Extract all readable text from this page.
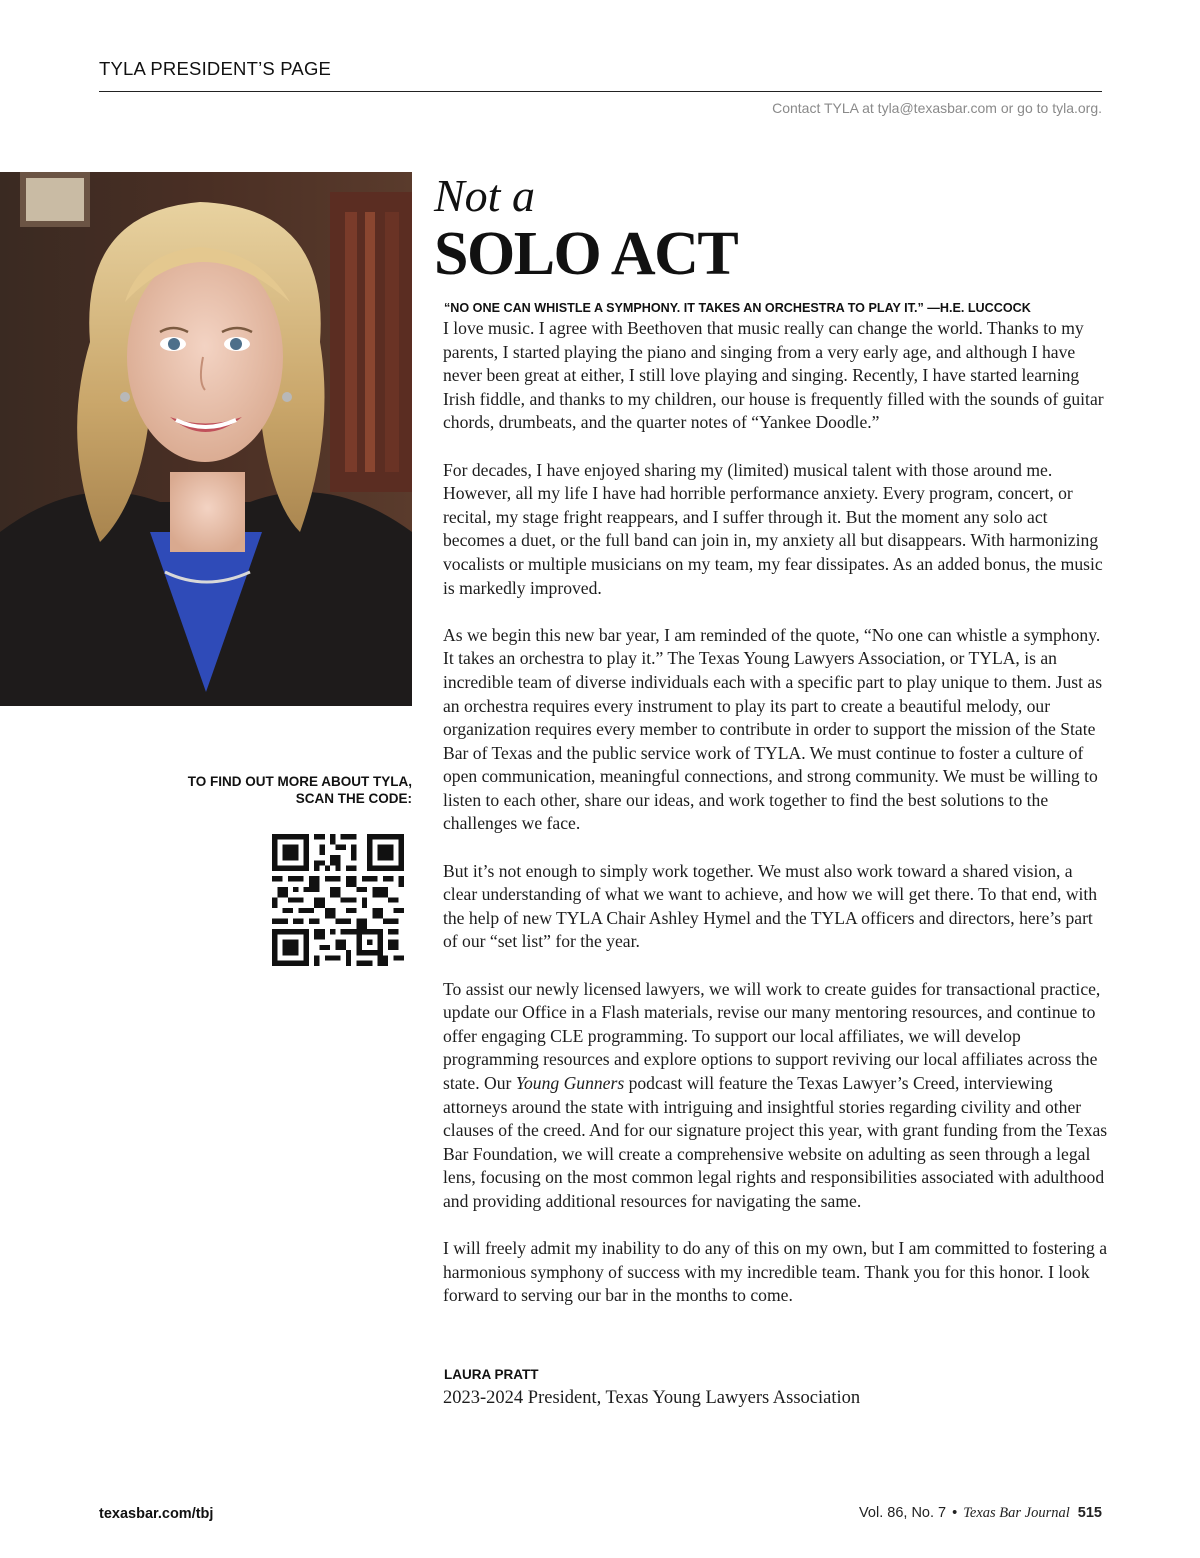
TYLA PRESIDENT’S PAGE
Contact TYLA at tyla@texasbar.com or go to tyla.org.
TO FIND OUT MORE ABOUT TYLA,
SCAN THE CODE:
Not a
SOLO ACT
“NO ONE CAN WHISTLE A SYMPHONY. IT TAKES AN ORCHESTRA TO PLAY IT.” —H.E. LUCCOCK

I love music. I agree with Beethoven that music really can change the world. Thanks to my parents, I started playing the piano and singing from a very early age, and although I have never been great at either, I still love playing and singing. Recently, I have started learning Irish fiddle, and thanks to my children, our house is frequently filled with the sounds of guitar chords, drumbeats, and the quarter notes of “Yankee Doodle.”

For decades, I have enjoyed sharing my (limited) musical talent with those around me. However, all my life I have had horrible performance anxiety. Every program, concert, or recital, my stage fright reappears, and I suffer through it. But the moment any solo act becomes a duet, or the full band can join in, my anxiety all but disappears. With harmonizing vocalists or multiple musicians on my team, my fear dissipates. As an added bonus, the music is markedly improved.

As we begin this new bar year, I am reminded of the quote, “No one can whistle a symphony. It takes an orchestra to play it.” The Texas Young Lawyers Association, or TYLA, is an incredible team of diverse individuals each with a specific part to play unique to them. Just as an orchestra requires every instrument to play its part to create a beautiful melody, our organization requires every member to contribute in order to support the mission of the State Bar of Texas and the public service work of TYLA. We must continue to foster a culture of open communication, meaningful connections, and strong community. We must be willing to listen to each other, share our ideas, and work together to find the best solutions to the challenges we face.

But it’s not enough to simply work together. We must also work toward a shared vision, a clear understanding of what we want to achieve, and how we will get there. To that end, with the help of new TYLA Chair Ashley Hymel and the TYLA officers and directors, here’s part of our “set list” for the year.

To assist our newly licensed lawyers, we will work to create guides for transactional practice, update our Office in a Flash materials, revise our many mentoring resources, and continue to offer engaging CLE programming. To support our local affiliates, we will develop programming resources and explore options to support reviving our local affiliates across the state. Our Young Gunners podcast will feature the Texas Lawyer’s Creed, interviewing attorneys around the state with intriguing and insightful stories regarding civility and other clauses of the creed. And for our signature project this year, with grant funding from the Texas Bar Foundation, we will create a comprehensive website on adulting as seen through a legal lens, focusing on the most common legal rights and responsibilities associated with adulthood and providing additional resources for navigating the same.

I will freely admit my inability to do any of this on my own, but I am committed to fostering a harmonious symphony of success with my incredible team. Thank you for this honor. I look forward to serving our bar in the months to come.

LAURA PRATT
2023-2024 President, Texas Young Lawyers Association
texasbar.com/tbj	Vol. 86, No. 7 • Texas Bar Journal 515
